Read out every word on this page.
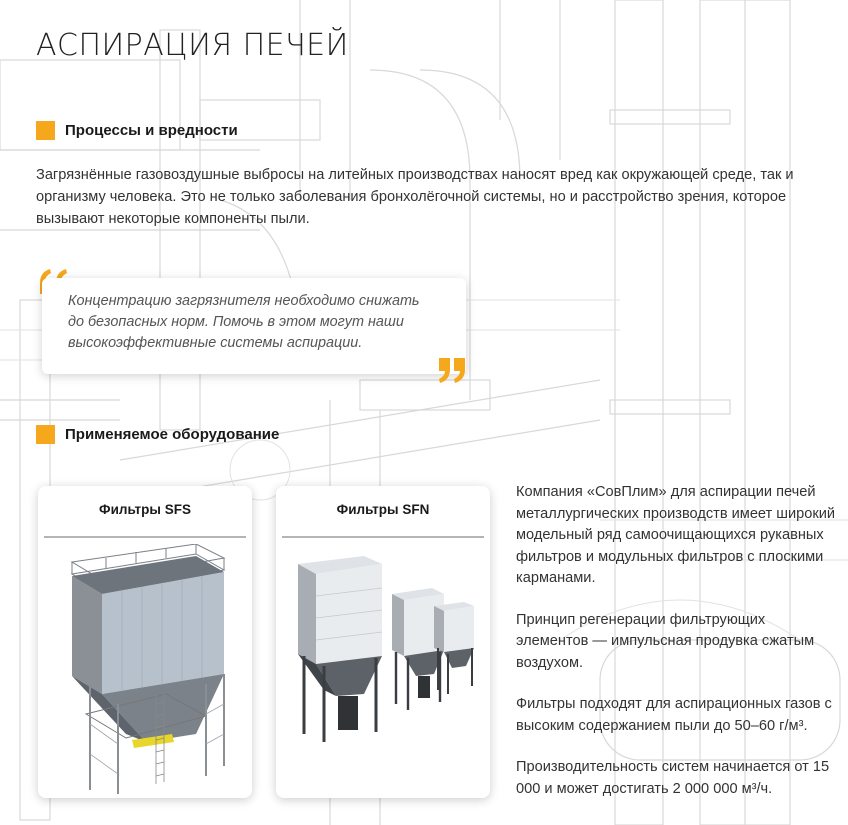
АСПИРАЦИЯ ПЕЧЕЙ
Процессы и вредности

Загрязнённые газовоздушные выбросы на литейных производствах наносят вред как окружающей среде, так и организму человека. Это не только заболевания бронхолёгочной системы, но и расстройство зрения, которое вызывают некоторые компоненты пыли.

Концентрацию загрязнителя необходимо снижать до безопасных норм. Помочь в этом могут наши высокоэффективные системы аспирации.

Применяемое оборудование
Фильтры SFS	Фильтры SFN

Компания «СовПлим» для аспирации печей металлургических производств имеет широкий модельный ряд самоочищающихся рукавных фильтров и модульных фильтров с плоскими карманами.

Принцип регенерации фильтрующих элементов — импульсная продувка сжатым воздухом.

Фильтры подходят для аспирационных газов с высоким содержанием пыли до 50–60 г/м³.

Производительность систем начинается от 15 000 и может достигать 2 000 000 м³/ч.
